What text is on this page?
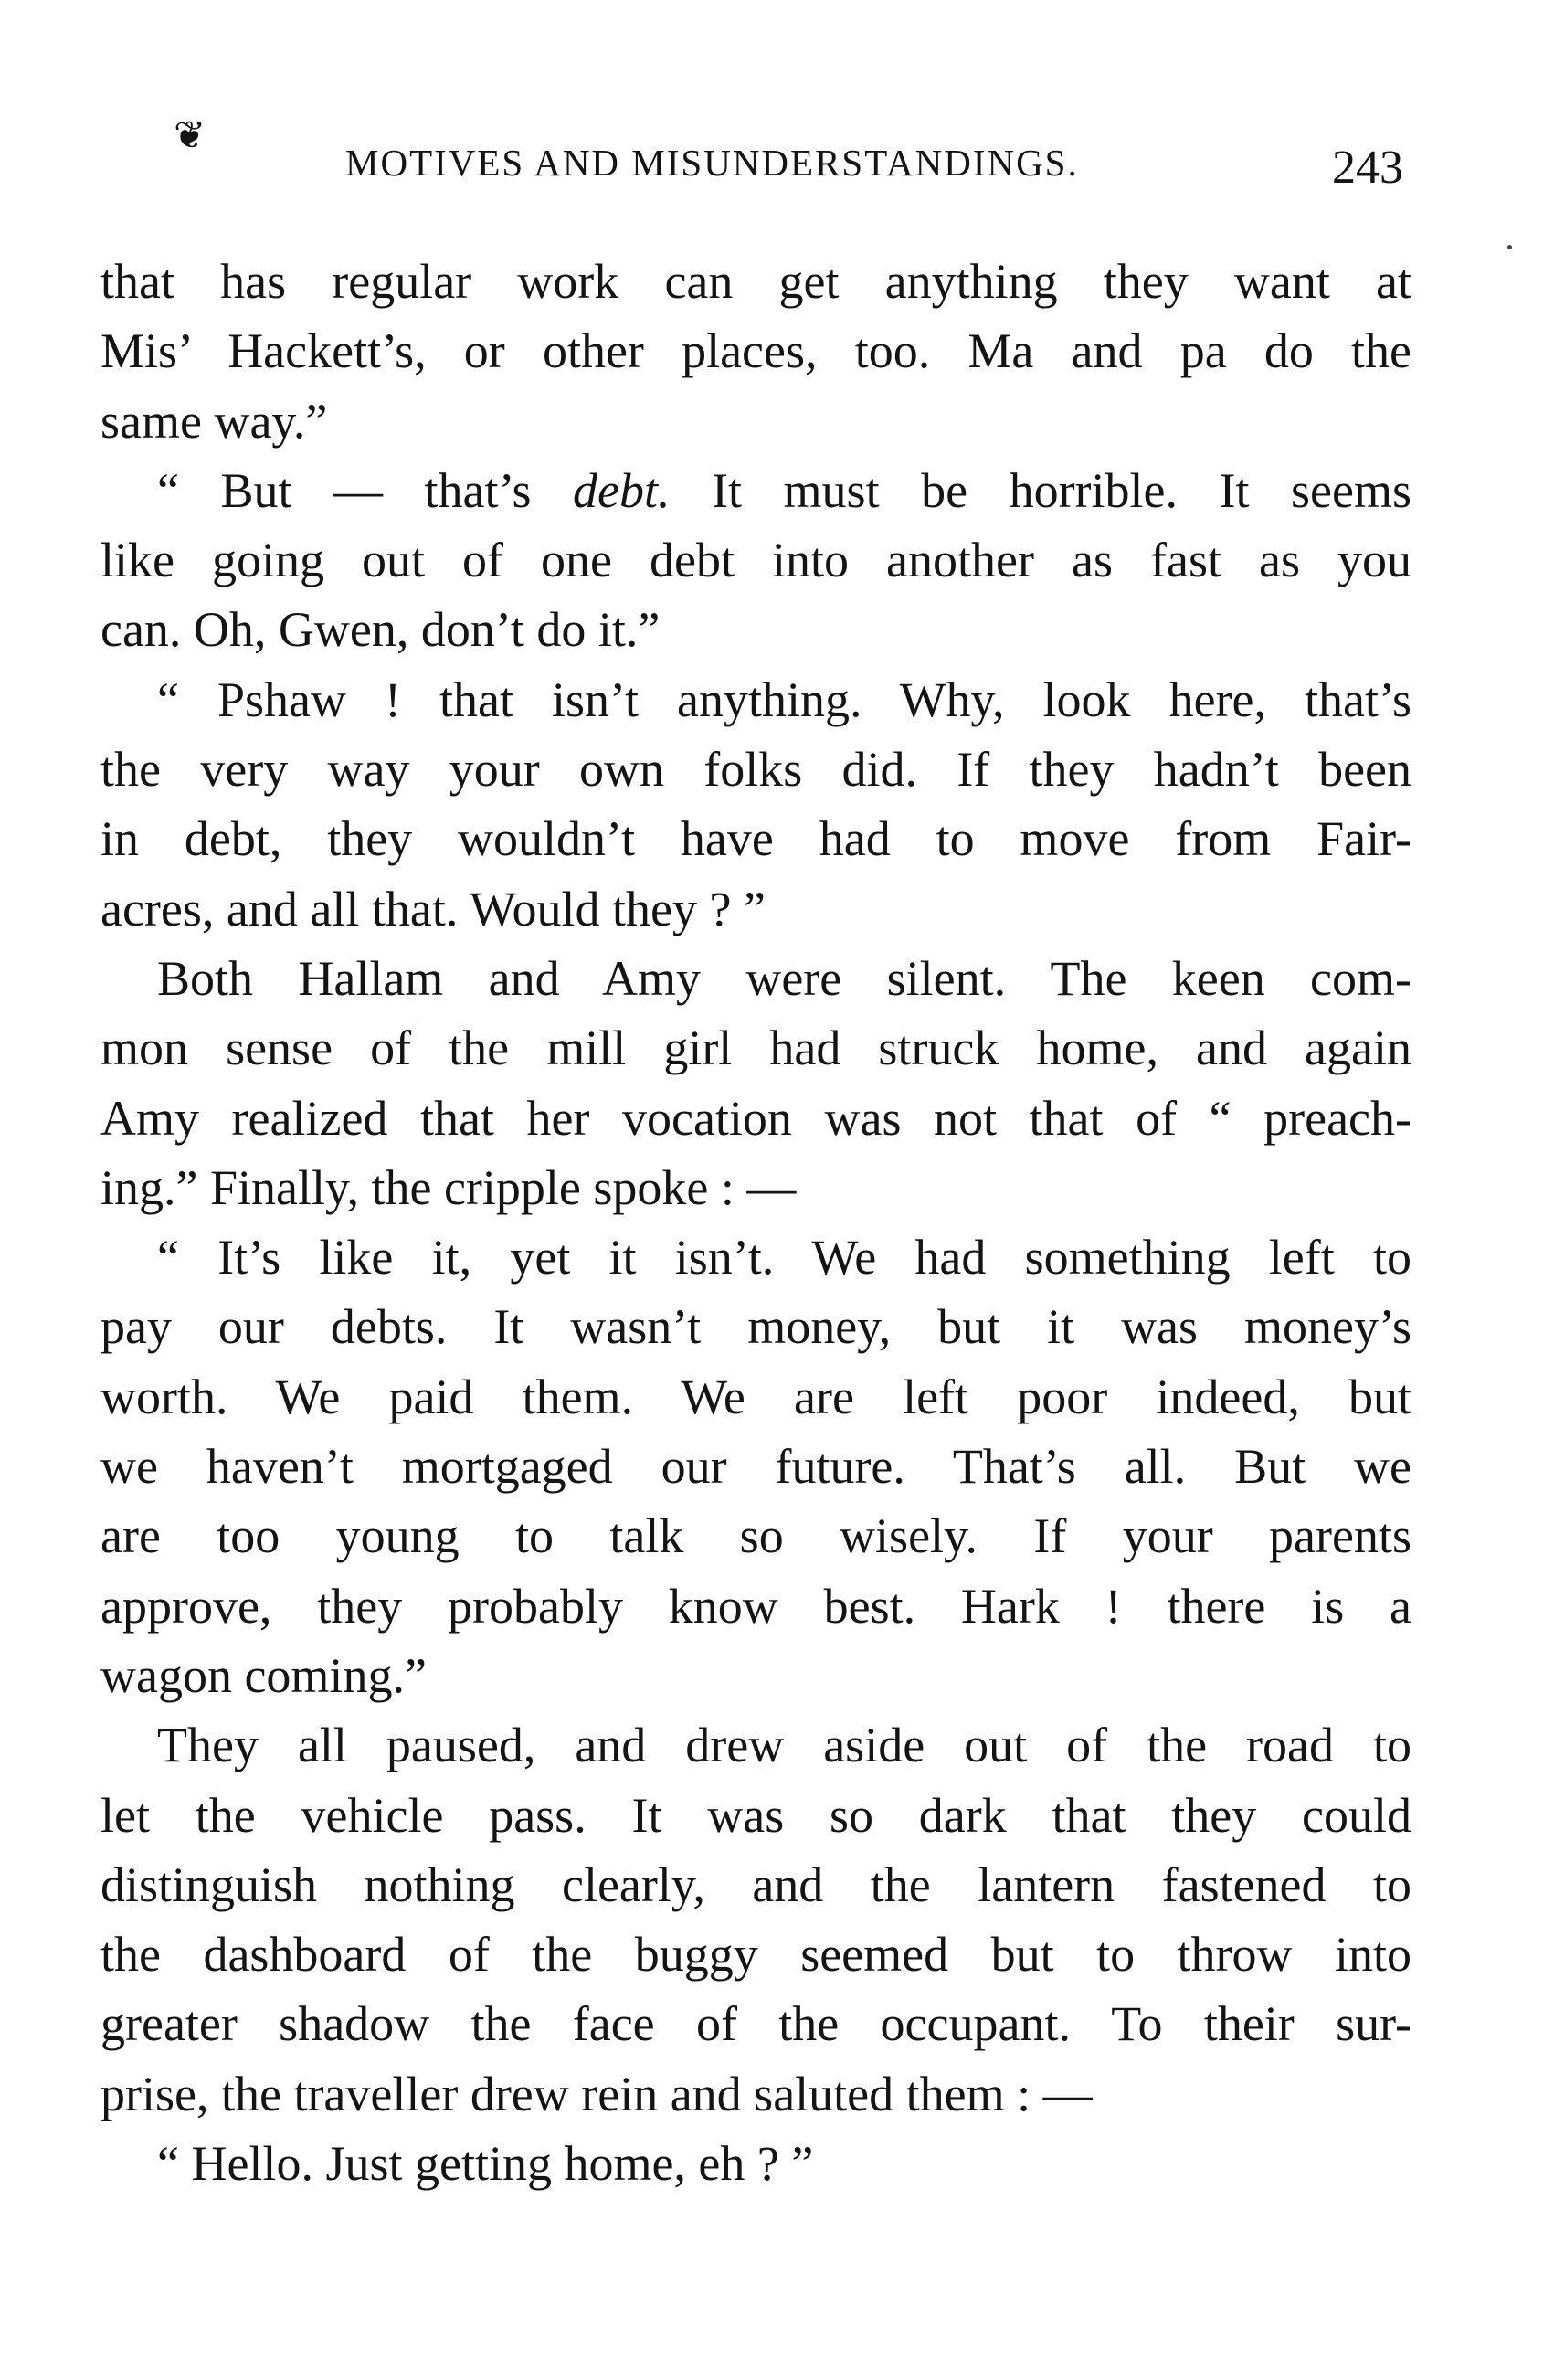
❦
MOTIVES AND MISUNDERSTANDINGS.	243
that has regular work can get anything they want at
Mis’ Hackett’s, or other places, too. Ma and pa do the
same way.”
“ But — that’s debt. It must be horrible. It seems
like going out of one debt into another as fast as you
can. Oh, Gwen, don’t do it.”
“ Pshaw ! that isn’t anything. Why, look here, that’s
the very way your own folks did. If they hadn’t been
in debt, they wouldn’t have had to move from Fair-
acres, and all that. Would they ? ”
Both Hallam and Amy were silent. The keen com-
mon sense of the mill girl had struck home, and again
Amy realized that her vocation was not that of “ preach-
ing.” Finally, the cripple spoke : —
“ It’s like it, yet it isn’t. We had something left to
pay our debts. It wasn’t money, but it was money’s
worth. We paid them. We are left poor indeed, but
we haven’t mortgaged our future. That’s all. But we
are too young to talk so wisely. If your parents
approve, they probably know best. Hark ! there is a
wagon coming.”
They all paused, and drew aside out of the road to
let the vehicle pass. It was so dark that they could
distinguish nothing clearly, and the lantern fastened to
the dashboard of the buggy seemed but to throw into
greater shadow the face of the occupant. To their sur-
prise, the traveller drew rein and saluted them : —
“ Hello. Just getting home, eh ? ”
